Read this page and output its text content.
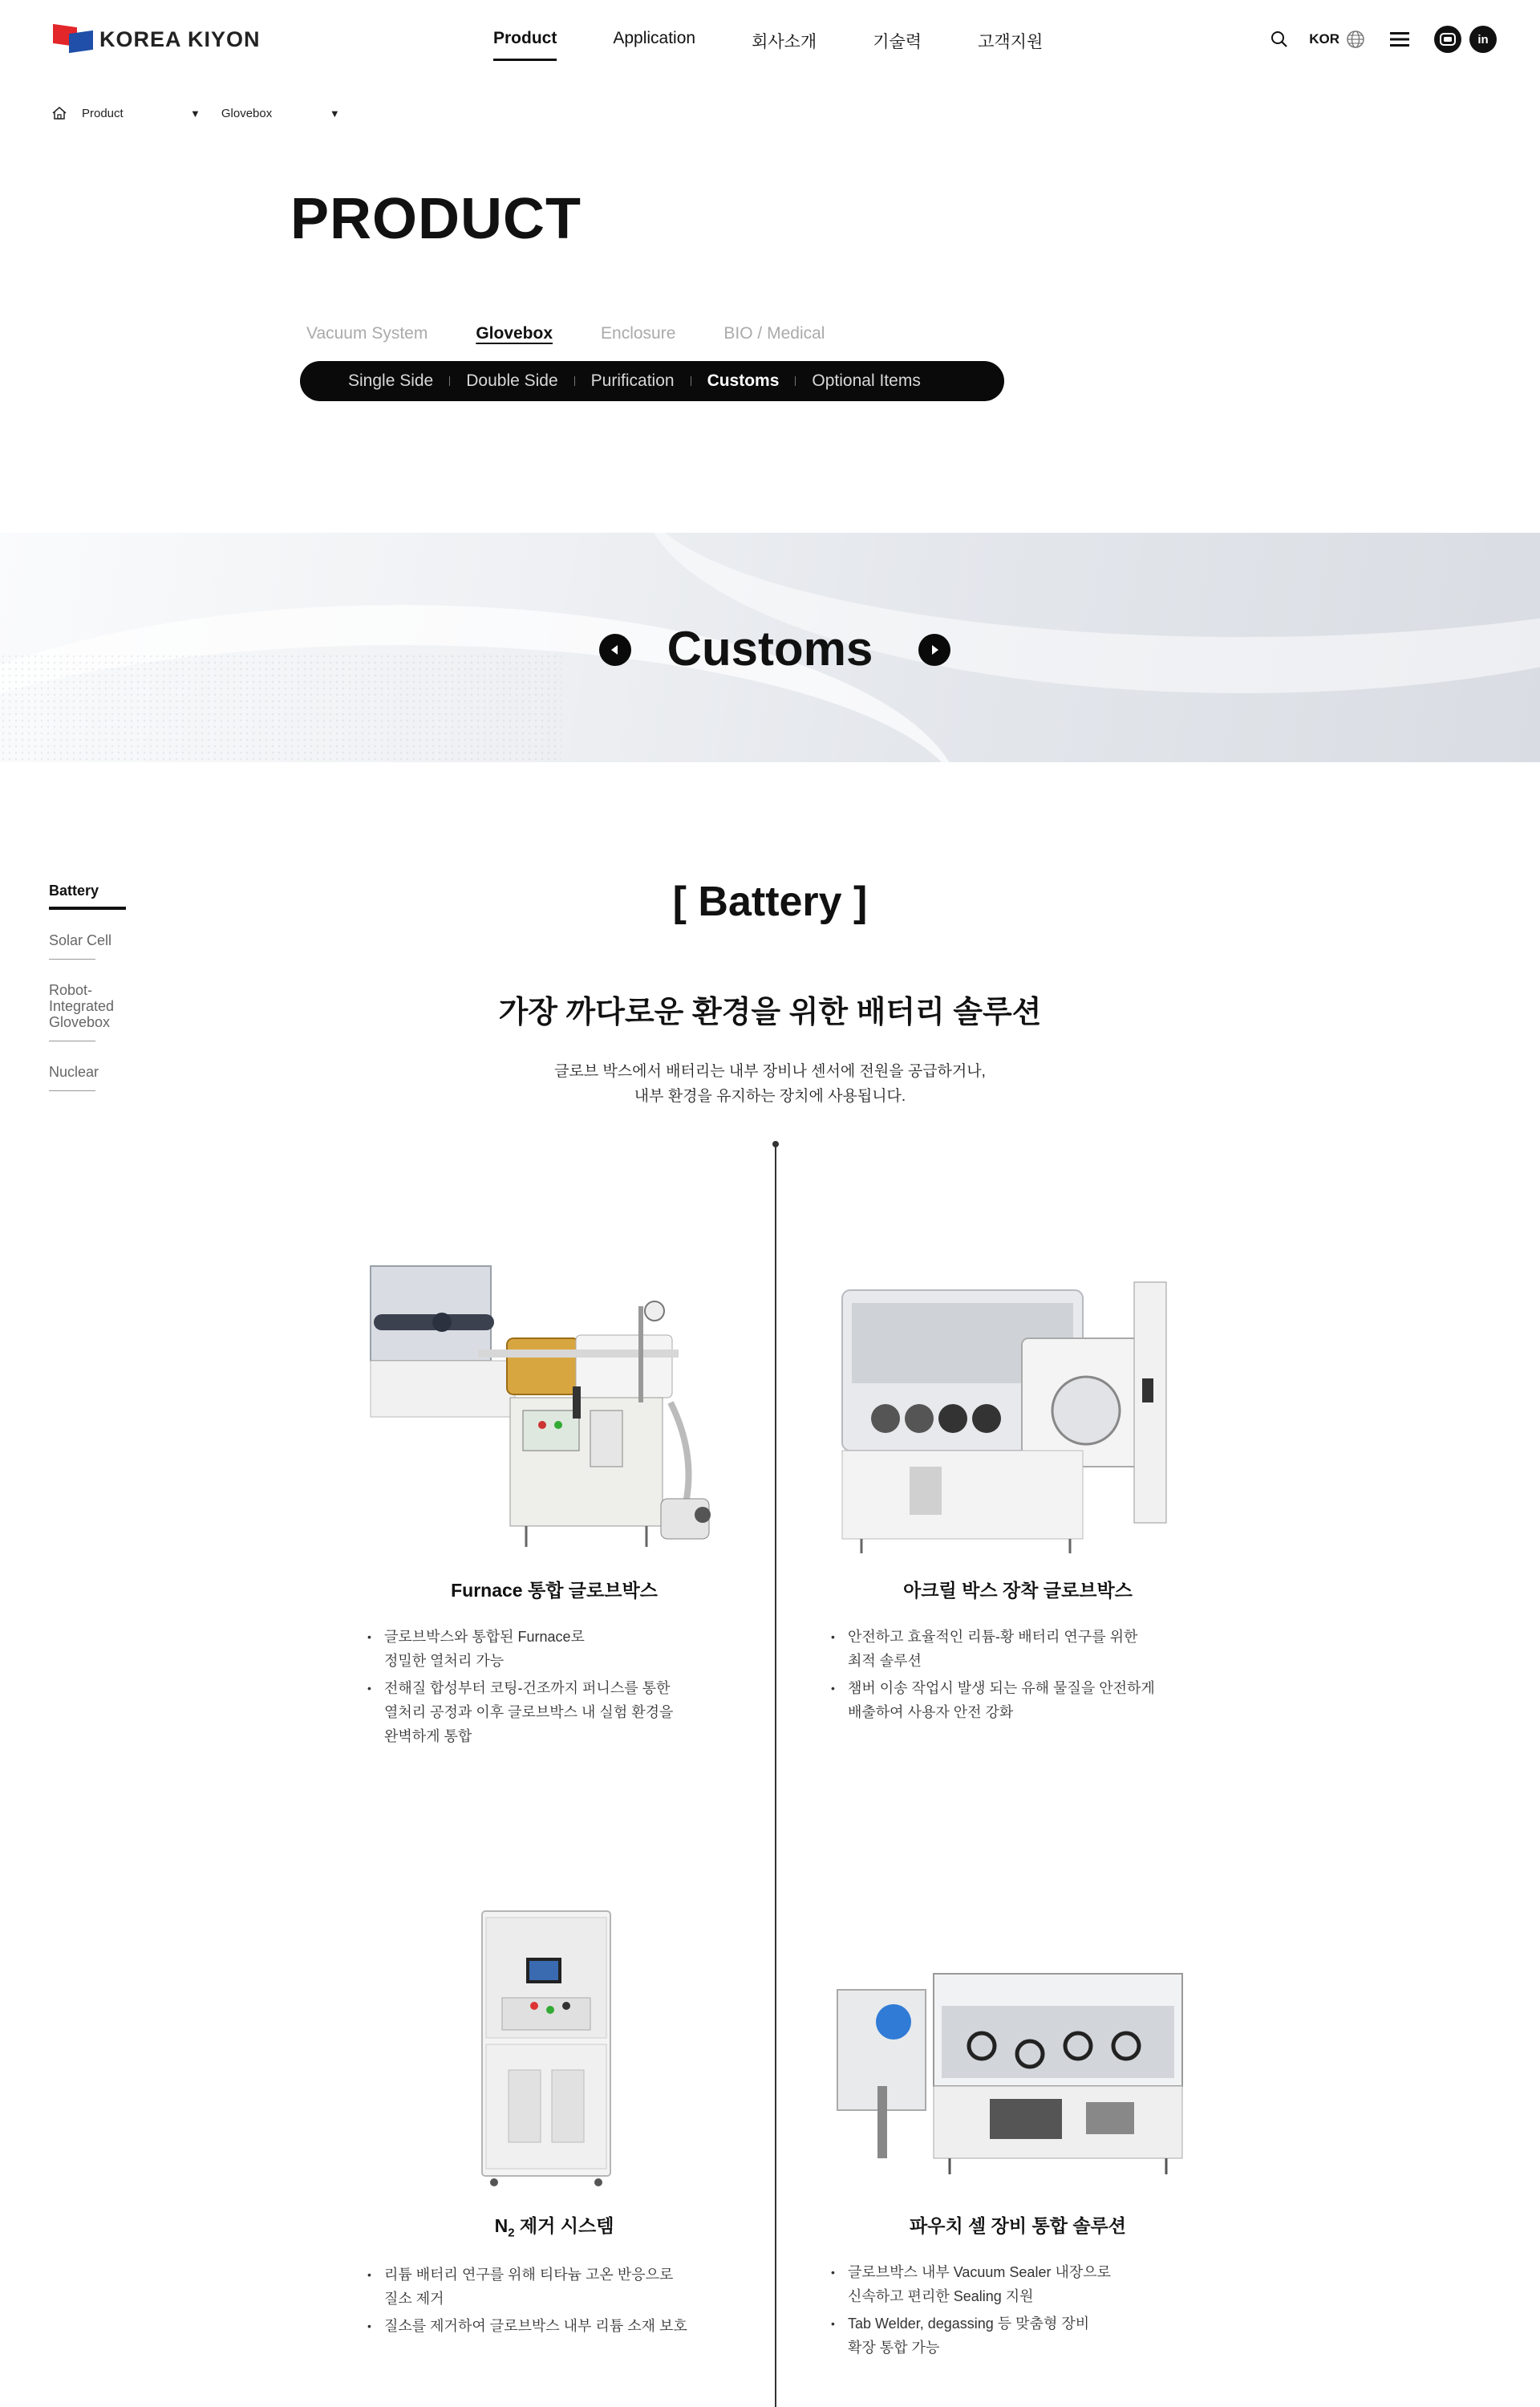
KOREA KIYON	Product	Application	회사소개	기술력	고객지원	KOR	in
Product	▼ Glovebox	▼
PRODUCT
Vacuum System	Glovebox	Enclosure	BIO / Medical
Single Side Double Side Purification Customs Optional Items
Customs
Battery
Solar Cell
Robot-
Integrated
Glovebox
Nuclear
[ Battery ]
가장 까다로운 환경을 위한 배터리 솔루션
글로브 박스에서 배터리는 내부 장비나 센서에 전원을 공급하거나,
내부 환경을 유지하는 장치에 사용됩니다.
Furnace 통합 글로브박스
• 글로브박스와 통합된 Furnace로
정밀한 열처리 가능
• 전해질 합성부터 코팅-건조까지 퍼니스를 통한
열처리 공정과 이후 글로브박스 내 실험 환경을
완벽하게 통합
아크릴 박스 장착 글로브박스
• 안전하고 효율적인 리튬-황 배터리 연구를 위한
최적 솔루션
• 챔버 이송 작업시 발생 되는 유해 물질을 안전하게
배출하여 사용자 안전 강화
$N_2$ 제거 시스템
• 리튬 배터리 연구를 위해 티타늄 고온 반응으로
질소 제거
• 질소를 제거하여 글로브박스 내부 리튬 소재 보호
파우치 셀 장비 통합 솔루션
• 글로브박스 내부 Vacuum Sealer 내장으로
신속하고 편리한 Sealing 지원
• Tab Welder, degassing 등 맞춤형 장비
확장 통합 가능
